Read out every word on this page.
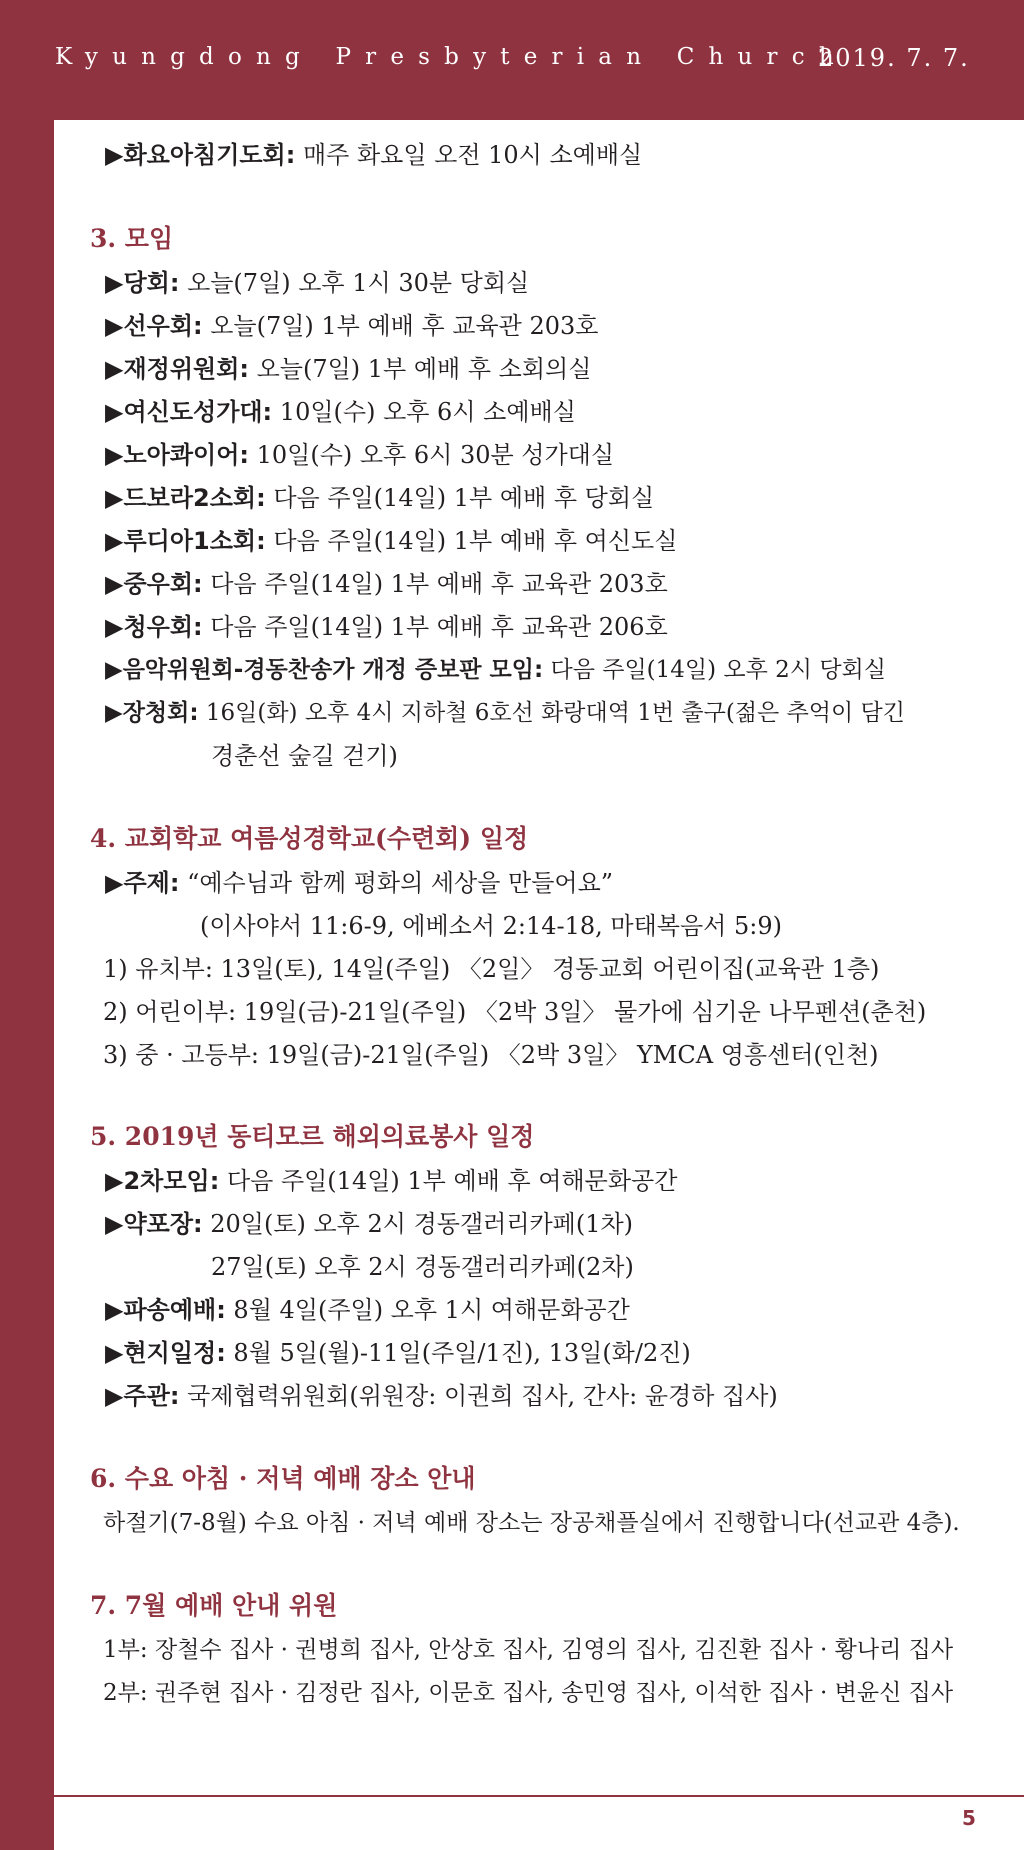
Kyungdong Presbyterian Church
2019. 7. 7.
▶화요아침기도회: 매주 화요일 오전 10시 소예배실
3. 모임
▶당회: 오늘(7일) 오후 1시 30분 당회실
▶선우회: 오늘(7일) 1부 예배 후 교육관 203호
▶재정위원회: 오늘(7일) 1부 예배 후 소회의실
▶여신도성가대: 10일(수) 오후 6시 소예배실
▶노아콰이어: 10일(수) 오후 6시 30분 성가대실
▶드보라2소회: 다음 주일(14일) 1부 예배 후 당회실
▶루디아1소회: 다음 주일(14일) 1부 예배 후 여신도실
▶중우회: 다음 주일(14일) 1부 예배 후 교육관 203호
▶청우회: 다음 주일(14일) 1부 예배 후 교육관 206호
▶음악위원회-경동찬송가 개정 증보판 모임: 다음 주일(14일) 오후 2시 당회실
▶장청회: 16일(화) 오후 4시 지하철 6호선 화랑대역 1번 출구(젊은 추억이 담긴
경춘선 숲길 걷기)
4. 교회학교 여름성경학교(수련회) 일정
▶주제: “예수님과 함께 평화의 세상을 만들어요”
(이사야서 11:6-9, 에베소서 2:14-18, 마태복음서 5:9)
1) 유치부: 13일(토), 14일(주일) 〈2일〉 경동교회 어린이집(교육관 1층)
2) 어린이부: 19일(금)-21일(주일) 〈2박 3일〉 물가에 심기운 나무펜션(춘천)
3) 중 · 고등부: 19일(금)-21일(주일) 〈2박 3일〉 YMCA 영흥센터(인천)
5. 2019년 동티모르 해외의료봉사 일정
▶2차모임: 다음 주일(14일) 1부 예배 후 여해문화공간
▶약포장: 20일(토) 오후 2시 경동갤러리카페(1차)
27일(토) 오후 2시 경동갤러리카페(2차)
▶파송예배: 8월 4일(주일) 오후 1시 여해문화공간
▶현지일정: 8월 5일(월)-11일(주일/1진), 13일(화/2진)
▶주관: 국제협력위원회(위원장: 이권희 집사, 간사: 윤경하 집사)
6. 수요 아침 · 저녁 예배 장소 안내
하절기(7-8월) 수요 아침 · 저녁 예배 장소는 장공채플실에서 진행합니다(선교관 4층).
7. 7월 예배 안내 위원
1부: 장철수 집사 · 권병희 집사, 안상호 집사, 김영의 집사, 김진환 집사 · 황나리 집사
2부: 권주현 집사 · 김정란 집사, 이문호 집사, 송민영 집사, 이석한 집사 · 변윤신 집사
5
